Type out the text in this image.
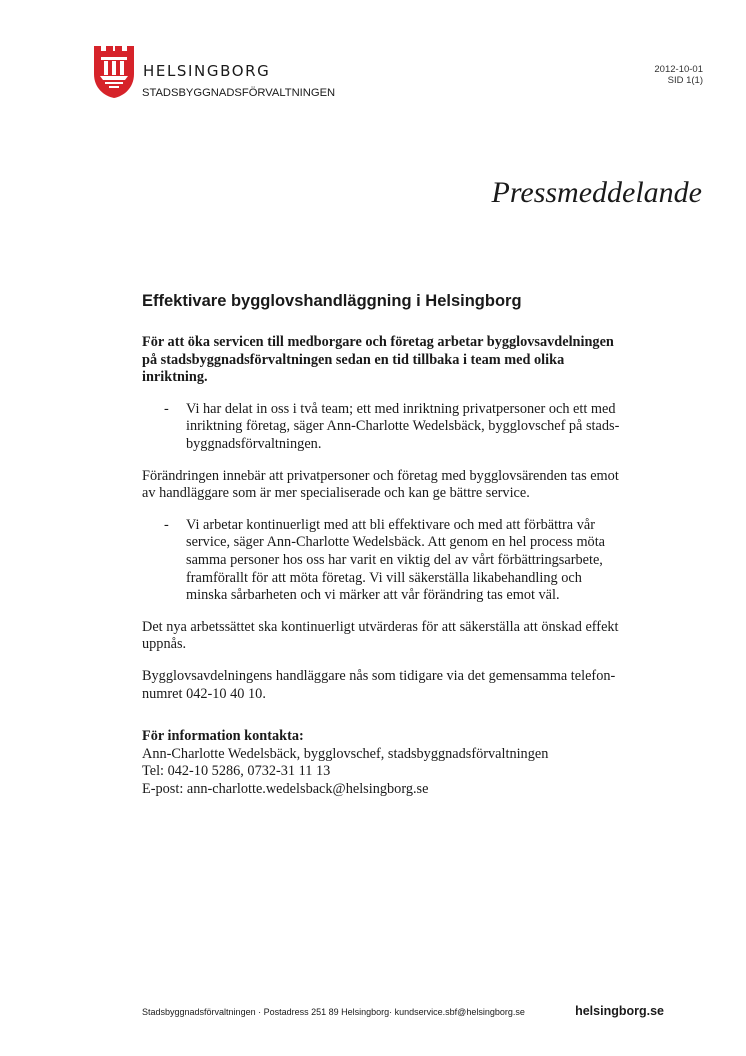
HELSINGBORG
STADSBYGGNADSFÖRVALTNINGEN
2012-10-01
SID 1(1)
Pressmeddelande
Effektivare bygglovshandläggning i Helsingborg

För att öka servicen till medborgare och företag arbetar bygglovsavdelningen på stadsbyggnadsförvaltningen sedan en tid tillbaka i team med olika inriktning.

-	Vi har delat in oss i två team; ett med inriktning privatpersoner och ett med inriktning företag, säger Ann-Charlotte Wedelsbäck, bygglovschef på stads-byggnadsförvaltningen.

Förändringen innebär att privatpersoner och företag med bygglovsärenden tas emot av handläggare som är mer specialiserade och kan ge bättre service.

-	Vi arbetar kontinuerligt med att bli effektivare och med att förbättra vår service, säger Ann-Charlotte Wedelsbäck. Att genom en hel process möta samma personer hos oss har varit en viktig del av vårt förbättringsarbete, framförallt för att möta företag. Vi vill säkerställa likabehandling och minska sårbarheten och vi märker att vår förändring tas emot väl.

Det nya arbetssättet ska kontinuerligt utvärderas för att säkerställa att önskad effekt uppnås.

Bygglovsavdelningens handläggare nås som tidigare via det gemensamma telefon-numret 042-10 40 10.

För information kontakta:
Ann-Charlotte Wedelsbäck, bygglovschef, stadsbyggnadsförvaltningen
Tel: 042-10 5286, 0732-31 11 13
E-post: ann-charlotte.wedelsback@helsingborg.se
Stadsbyggnadsförvaltningen · Postadress 251 89 Helsingborg· kundservice.sbf@helsingborg.se	helsingborg.se
